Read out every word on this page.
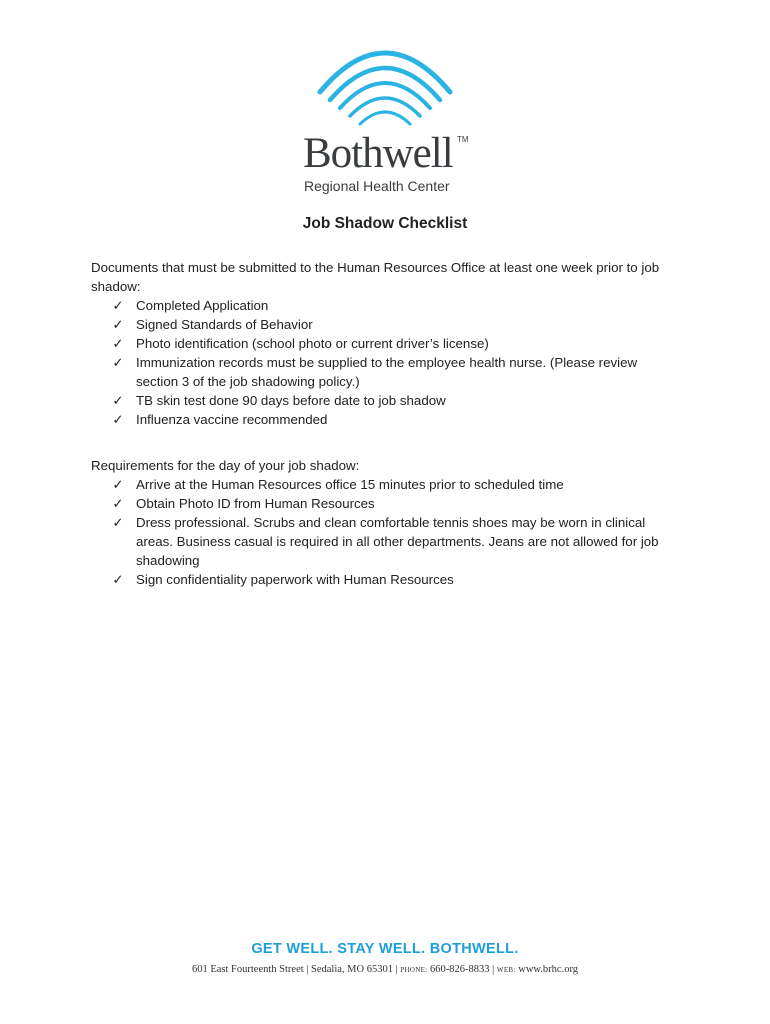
Bothwell TM
Regional Health Center
Job Shadow Checklist
Documents that must be submitted to the Human Resources Office at least one week prior to job shadow:
✓ Completed Application
✓ Signed Standards of Behavior
✓ Photo identification (school photo or current driver’s license)
✓ Immunization records must be supplied to the employee health nurse. (Please review section 3 of the job shadowing policy.)
✓ TB skin test done 90 days before date to job shadow
✓ Influenza vaccine recommended
Requirements for the day of your job shadow:
✓ Arrive at the Human Resources office 15 minutes prior to scheduled time
✓ Obtain Photo ID from Human Resources
✓ Dress professional. Scrubs and clean comfortable tennis shoes may be worn in clinical areas. Business casual is required in all other departments. Jeans are not allowed for job shadowing
✓ Sign confidentiality paperwork with Human Resources
GET WELL. STAY WELL. BOTHWELL.
601 East Fourteenth Street | Sedalia, MO 65301 | PHONE: 660-826-8833 | WEB: www.brhc.org
